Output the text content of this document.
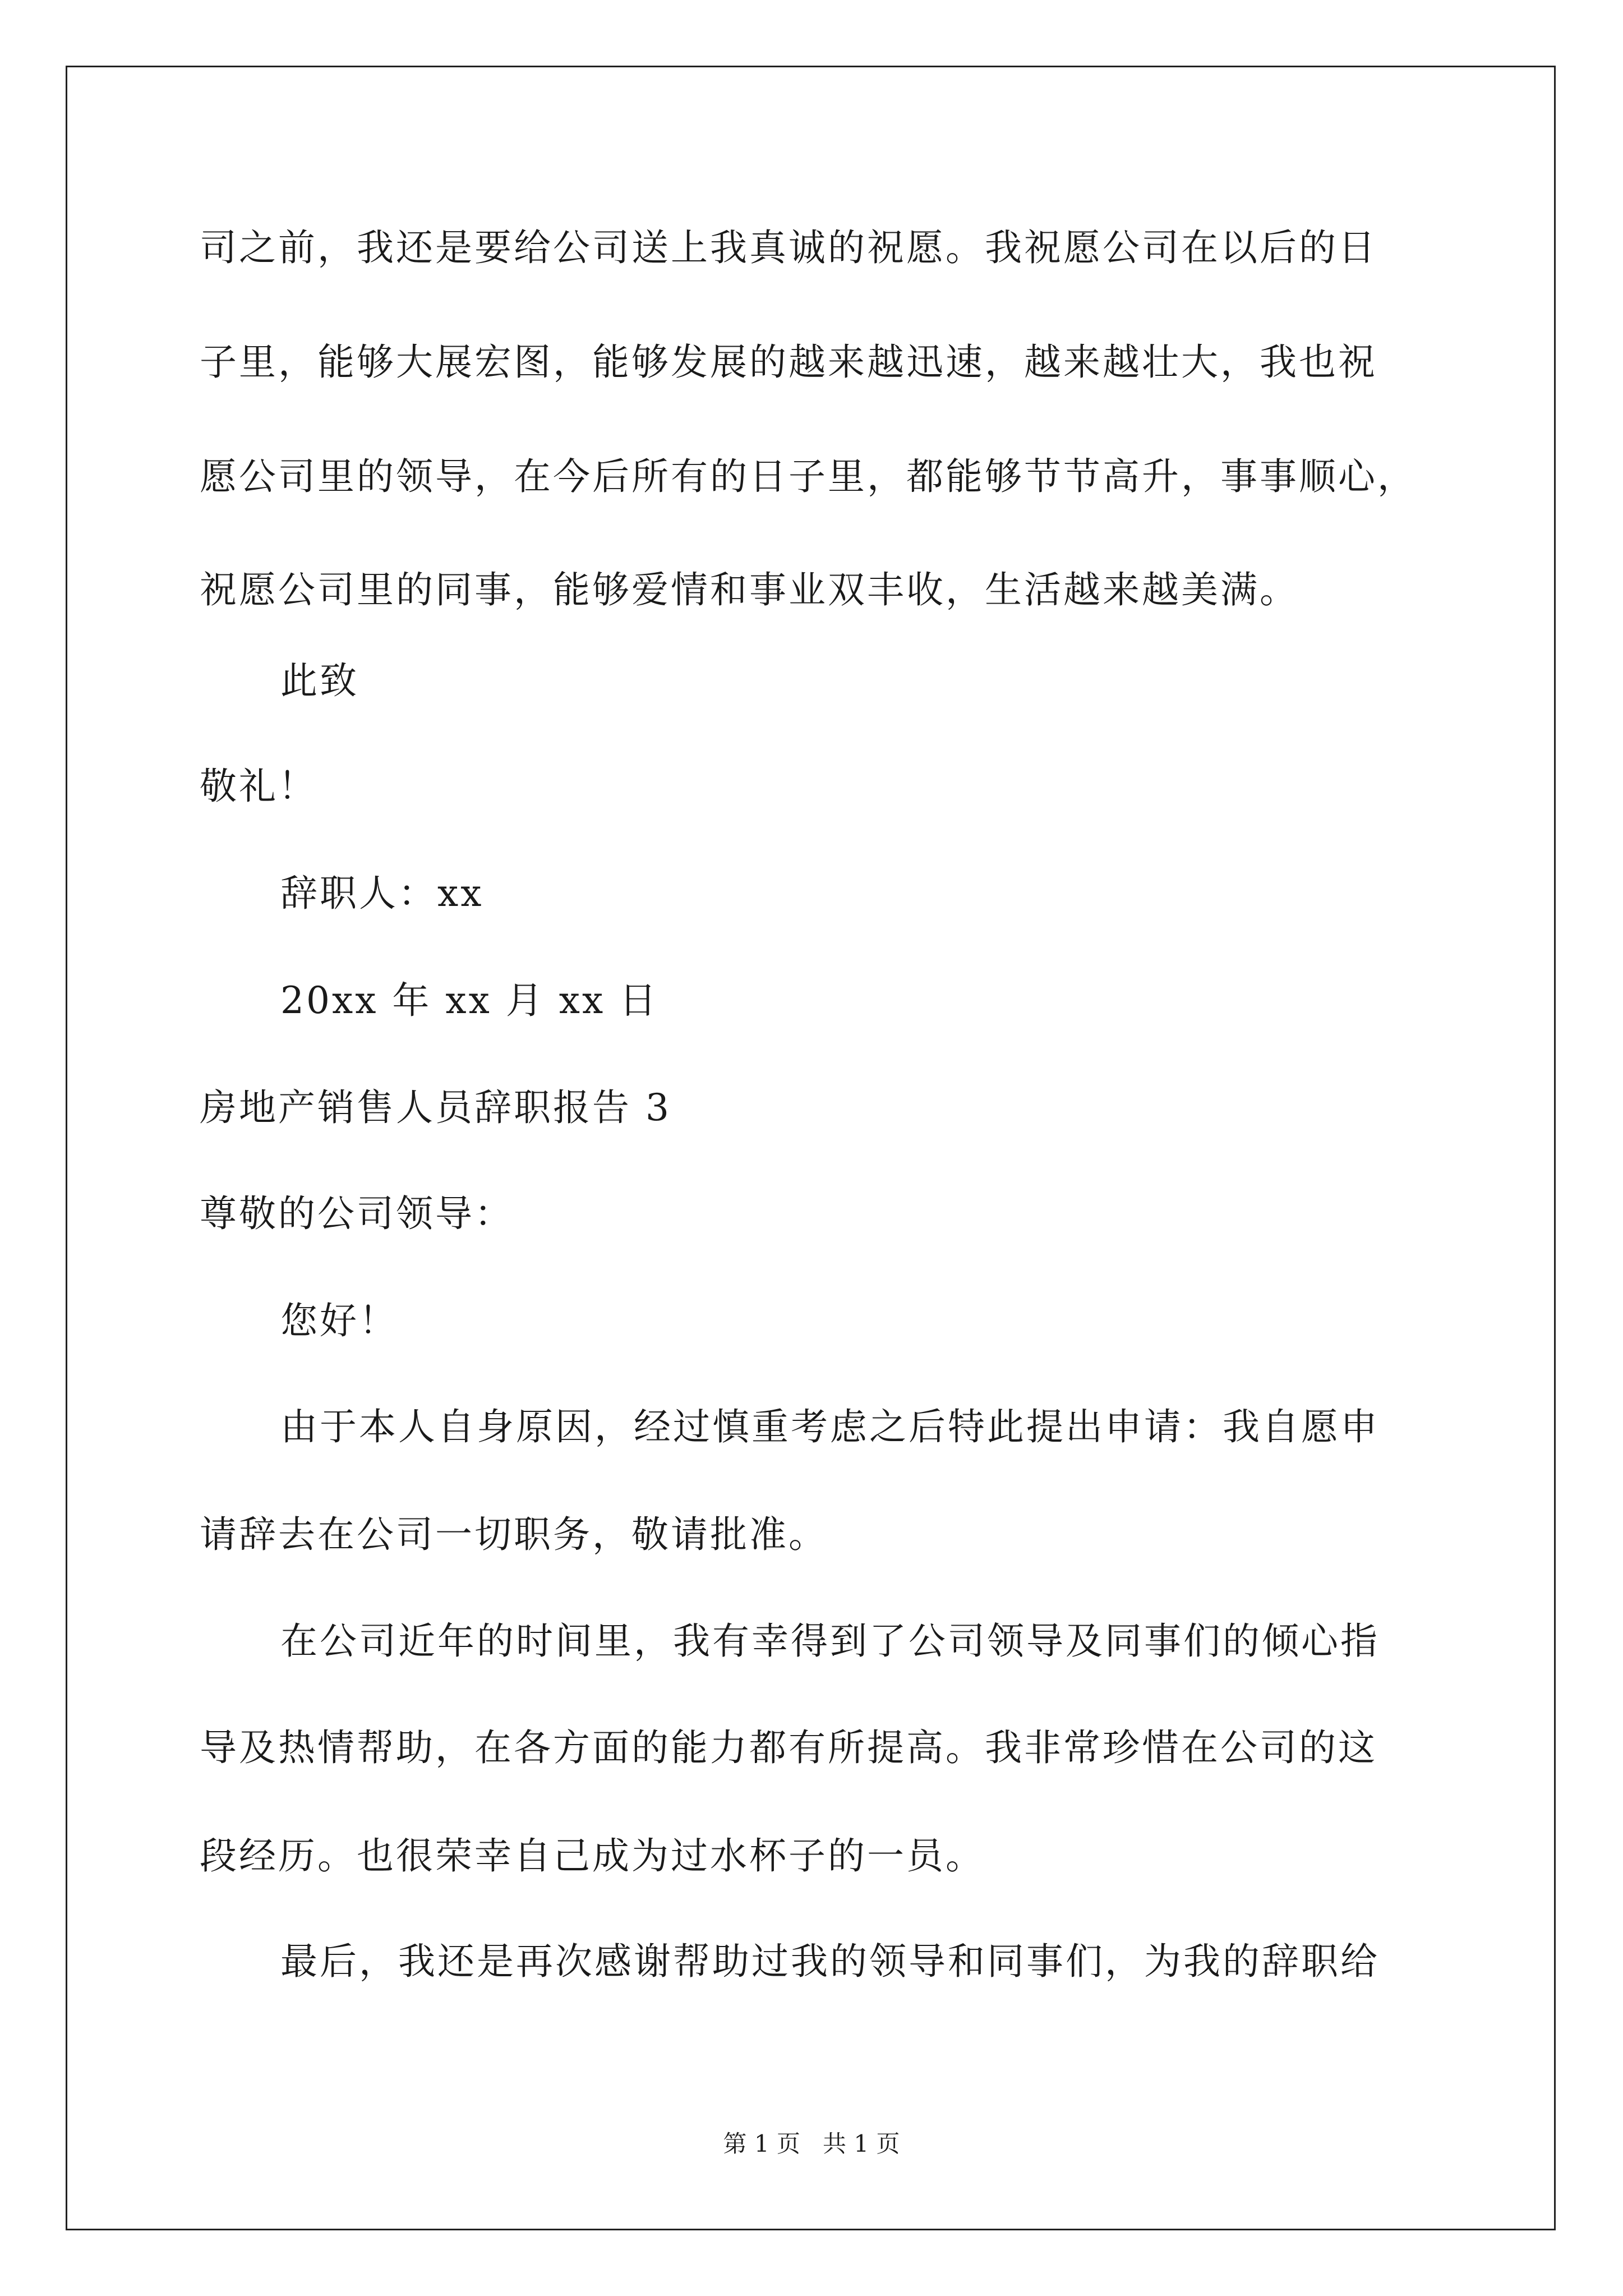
司之前，我还是要给公司送上我真诚的祝愿。我祝愿公司在以后的日
子里，能够大展宏图，能够发展的越来越迅速，越来越壮大，我也祝
愿公司里的领导，在今后所有的日子里，都能够节节高升，事事顺心，
祝愿公司里的同事，能够爱情和事业双丰收，生活越来越美满。
此致
敬礼！
辞职人：xx
20xx 年 xx 月 xx 日
房地产销售人员辞职报告 3
尊敬的公司领导：
您好！
由于本人自身原因，经过慎重考虑之后特此提出申请：我自愿申
请辞去在公司一切职务，敬请批准。
在公司近年的时间里，我有幸得到了公司领导及同事们的倾心指
导及热情帮助，在各方面的能力都有所提高。我非常珍惜在公司的这
段经历。也很荣幸自己成为过水杯子的一员。
最后，我还是再次感谢帮助过我的领导和同事们，为我的辞职给
第 1 页   共 1 页
